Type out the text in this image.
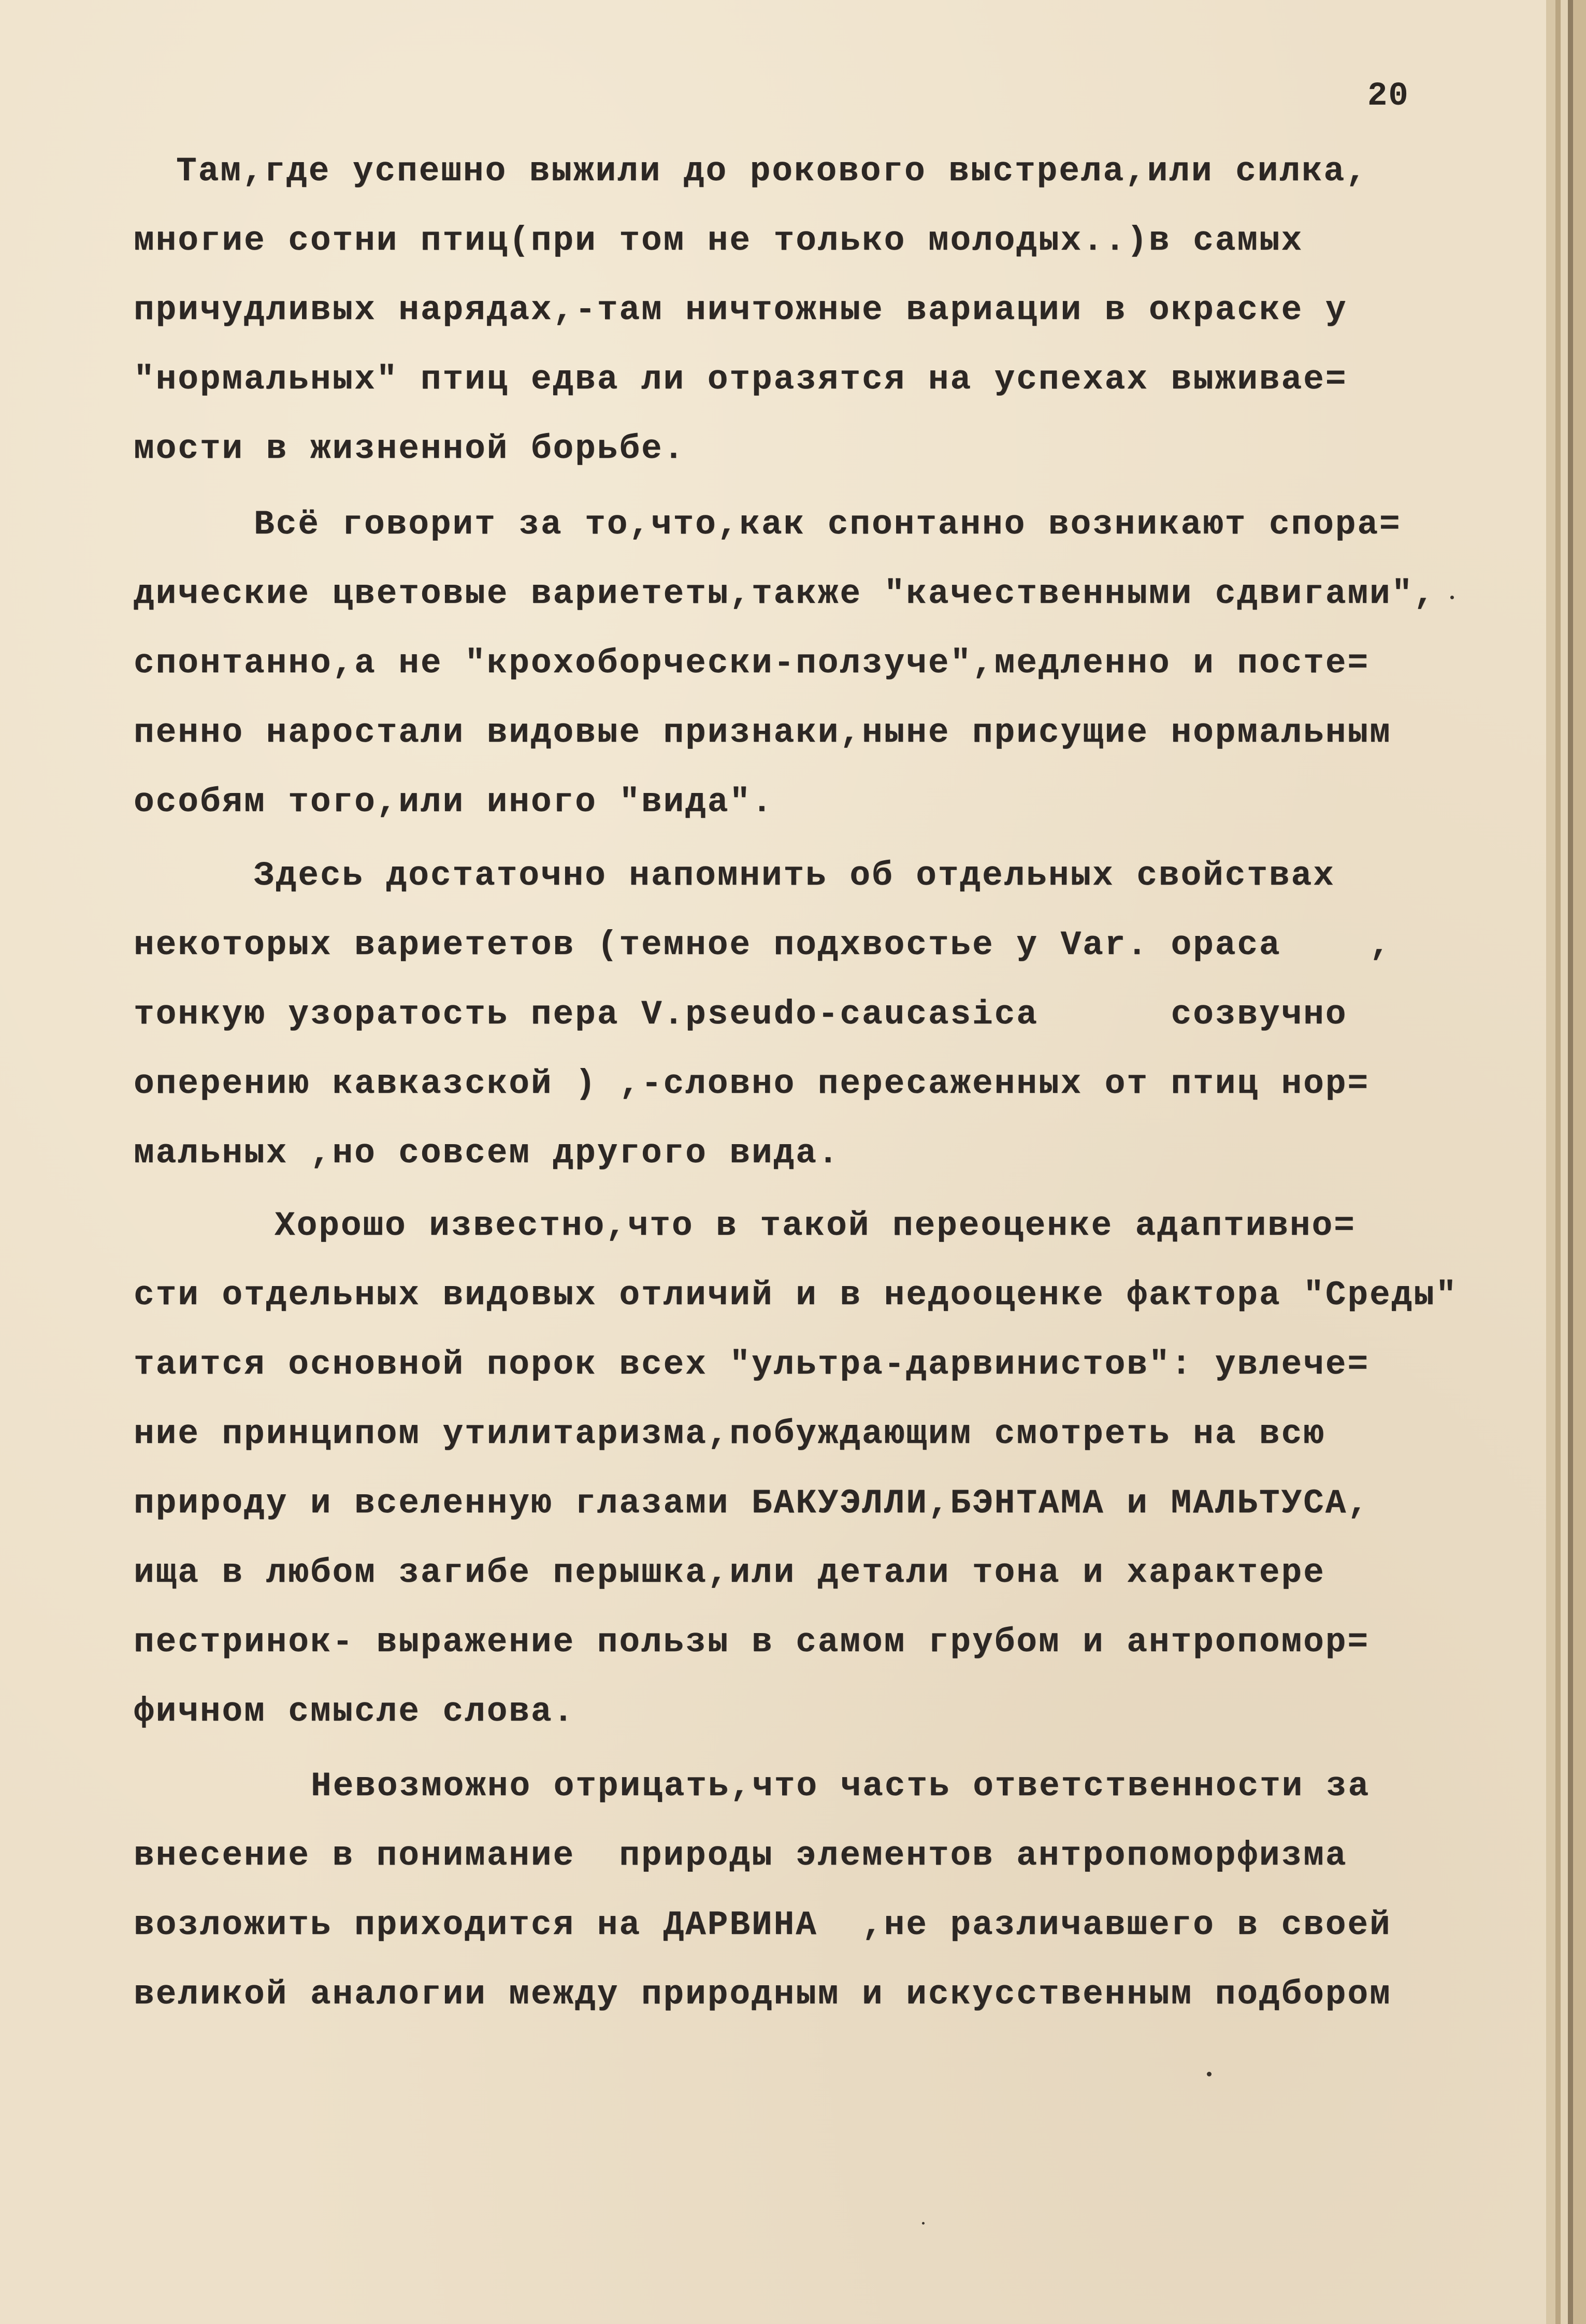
20
Там,где успешно выжили до рокового выстрела,или силка,
многие сотни птиц(при том не только молодых..)в самых
причудливых нарядах,-там ничтожные вариации в окраске у
"нормальных" птиц едва ли отразятся на успехах выживае=
мости в жизненной борьбе.
Всё говорит за то,что,как спонтанно возникают спора=
дические цветовые вариететы,также "качественными сдвигами",
спонтанно,а не "крохоборчески-ползуче",медленно и посте=
пенно наростали видовые признаки,ныне присущие нормальным
особям того,или иного "вида".
Здесь достаточно напомнить об отдельных свойствах
некоторых вариететов (темное подхвостье у Var. opaca    ,
тонкую узоратость пера V.pseudo-caucasica      созвучно
оперению кавказской ) ,-словно пересаженных от птиц нор=
мальных ,но совсем другого вида.
Хорошо известно,что в такой переоценке адаптивно=
сти отдельных видовых отличий и в недооценке фактора "Среды"
таится основной порок всех "ультра-дарвинистов": увлече=
ние принципом утилитаризма,побуждающим смотреть на всю
природу и вселенную глазами БАКУЭЛЛИ,БЭНТАМА и МАЛЬТУСА,
ища в любом загибе перышка,или детали тона и характере
пестринок- выражение пользы в самом грубом и антропомор=
фичном смысле слова.
Невозможно отрицать,что часть ответственности за
внесение в понимание  природы элементов антропоморфизма
возложить приходится на ДАРВИНА  ,не различавшего в своей
великой аналогии между природным и искусственным подбором
